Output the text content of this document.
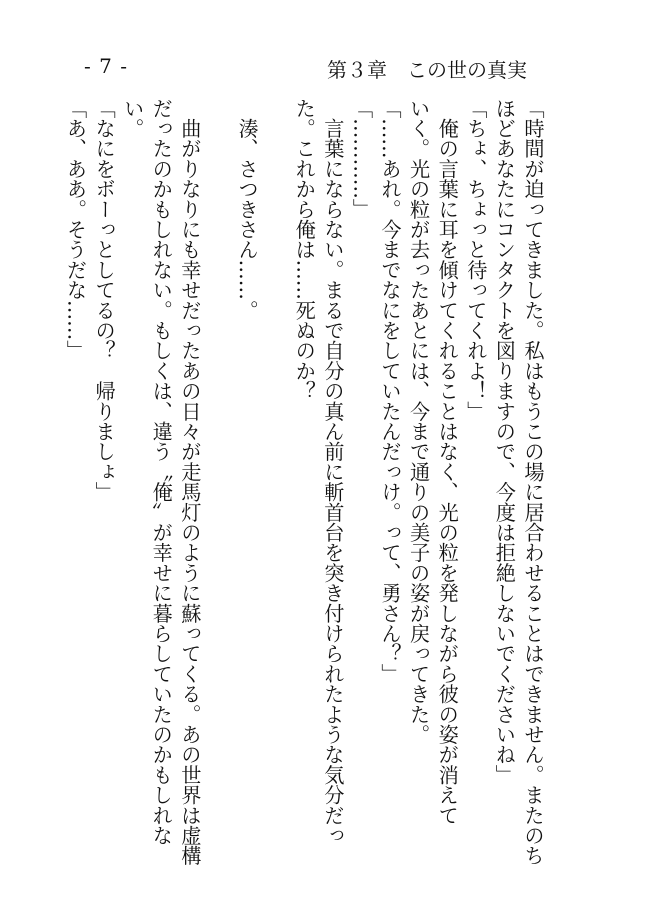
- 7 -	第３章　この世の真実
「時間が迫ってきました。私はもうこの場に居合わせることはできません。またのち
ほどあなたにコンタクトを図りますので、今度は拒絶しないでくださいね」
「ちょ、ちょっと待ってくれよ！」
　俺の言葉に耳を傾けてくれることはなく、光の粒を発しながら彼の姿が消えて
いく。光の粒が去ったあとには、今まで通りの美子の姿が戻ってきた。
「……あれ。今までなにをしていたんだっけ。って、勇さん？」
「…………」
　言葉にならない。まるで自分の真ん前に斬首台を突き付けられたような気分だっ
た。これから俺は……死ぬのか？

　湊、さつきさん……。

　曲がりなりにも幸せだったあの日々が走馬灯のように蘇ってくる。あの世界は虚構
だったのかもしれない。もしくは、違う〝俺〟が幸せに暮らしていたのかもしれな
い。
「なにをボーっとしてるの？　帰りましょ」
「あ、ああ。そうだな……」
